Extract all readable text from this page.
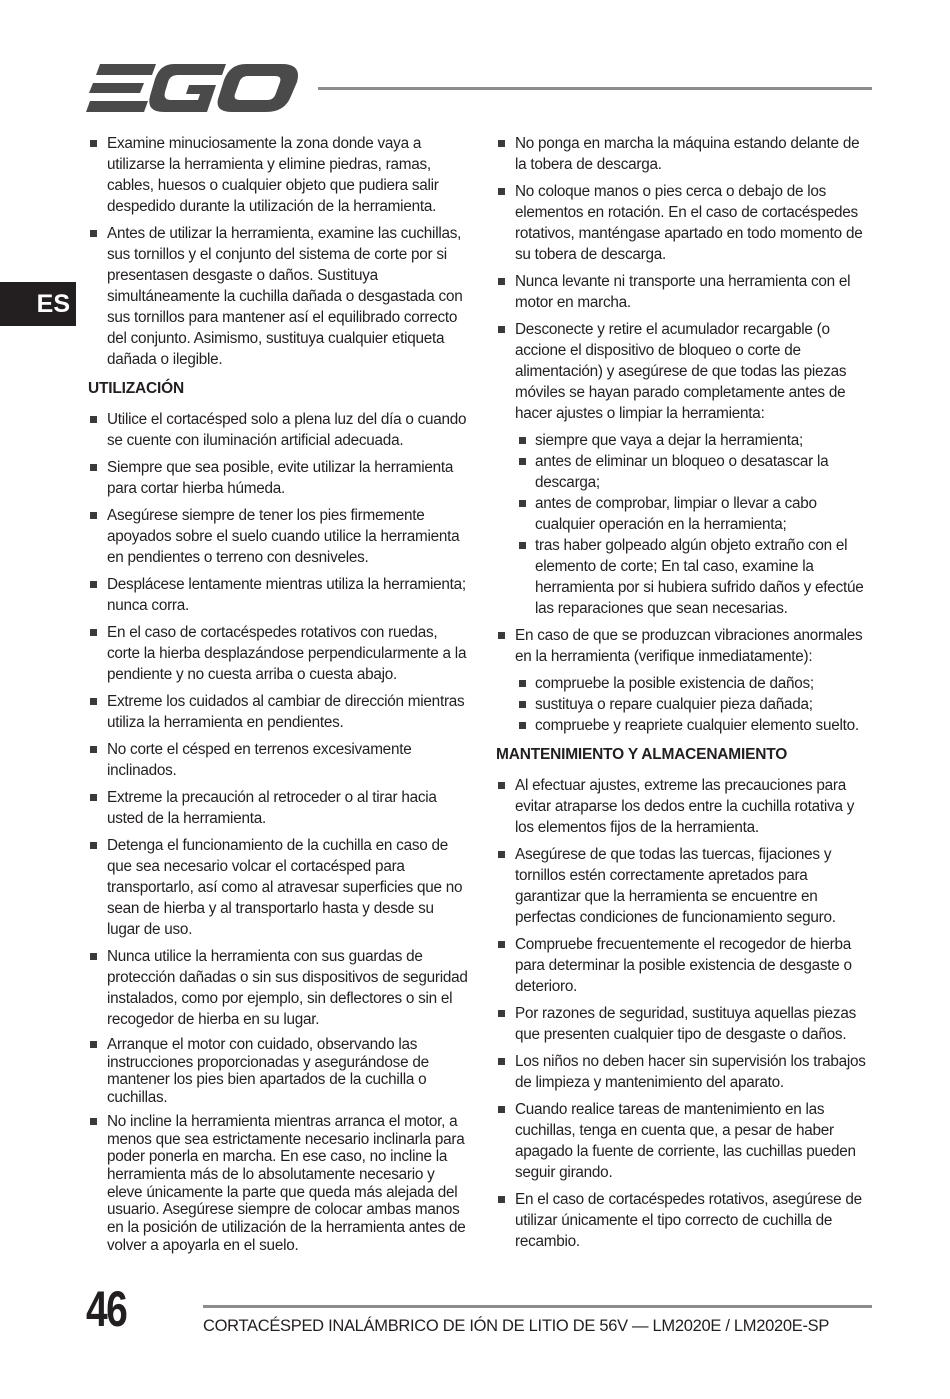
ES
Examine minuciosamente la zona donde vaya a utilizarse la herramienta y elimine piedras, ramas, cables, huesos o cualquier objeto que pudiera salir despedido durante la utilización de la herramienta.
Antes de utilizar la herramienta, examine las cuchillas, sus tornillos y el conjunto del sistema de corte por si presentasen desgaste o daños. Sustituya simultáneamente la cuchilla dañada o desgastada con sus tornillos para mantener así el equilibrado correcto del conjunto. Asimismo, sustituya cualquier etiqueta dañada o ilegible.
UTILIZACIÓN
Utilice el cortacésped solo a plena luz del día o cuando se cuente con iluminación artificial adecuada.
Siempre que sea posible, evite utilizar la herramienta para cortar hierba húmeda.
Asegúrese siempre de tener los pies firmemente apoyados sobre el suelo cuando utilice la herramienta en pendientes o terreno con desniveles.
Desplácese lentamente mientras utiliza la herramienta; nunca corra.
En el caso de cortacéspedes rotativos con ruedas, corte la hierba desplazándose perpendicularmente a la pendiente y no cuesta arriba o cuesta abajo.
Extreme los cuidados al cambiar de dirección mientras utiliza la herramienta en pendientes.
No corte el césped en terrenos excesivamente inclinados.
Extreme la precaución al retroceder o al tirar hacia usted de la herramienta.
Detenga el funcionamiento de la cuchilla en caso de que sea necesario volcar el cortacésped para transportarlo, así como al atravesar superficies que no sean de hierba y al transportarlo hasta y desde su lugar de uso.
Nunca utilice la herramienta con sus guardas de protección dañadas o sin sus dispositivos de seguridad instalados, como por ejemplo, sin deflectores o sin el recogedor de hierba en su lugar.
Arranque el motor con cuidado, observando las instrucciones proporcionadas y asegurándose de mantener los pies bien apartados de la cuchilla o cuchillas.
No incline la herramienta mientras arranca el motor, a menos que sea estrictamente necesario inclinarla para poder ponerla en marcha. En ese caso, no incline la herramienta más de lo absolutamente necesario y eleve únicamente la parte que queda más alejada del usuario. Asegúrese siempre de colocar ambas manos en la posición de utilización de la herramienta antes de volver a apoyarla en el suelo.
No ponga en marcha la máquina estando delante de la tobera de descarga.
No coloque manos o pies cerca o debajo de los elementos en rotación. En el caso de cortacéspedes rotativos, manténgase apartado en todo momento de su tobera de descarga.
Nunca levante ni transporte una herramienta con el motor en marcha.
Desconecte y retire el acumulador recargable (o accione el dispositivo de bloqueo o corte de alimentación) y asegúrese de que todas las piezas móviles se hayan parado completamente antes de hacer ajustes o limpiar la herramienta:
siempre que vaya a dejar la herramienta;
antes de eliminar un bloqueo o desatascar la descarga;
antes de comprobar, limpiar o llevar a cabo cualquier operación en la herramienta;
tras haber golpeado algún objeto extraño con el elemento de corte; En tal caso, examine la herramienta por si hubiera sufrido daños y efectúe las reparaciones que sean necesarias.
En caso de que se produzcan vibraciones anormales en la herramienta (verifique inmediatamente):
compruebe la posible existencia de daños;
sustituya o repare cualquier pieza dañada;
compruebe y reapriete cualquier elemento suelto.
MANTENIMIENTO Y ALMACENAMIENTO
Al efectuar ajustes, extreme las precauciones para evitar atraparse los dedos entre la cuchilla rotativa y los elementos fijos de la herramienta.
Asegúrese de que todas las tuercas, fijaciones y tornillos estén correctamente apretados para garantizar que la herramienta se encuentre en perfectas condiciones de funcionamiento seguro.
Compruebe frecuentemente el recogedor de hierba para determinar la posible existencia de desgaste o deterioro.
Por razones de seguridad, sustituya aquellas piezas que presenten cualquier tipo de desgaste o daños.
Los niños no deben hacer sin supervisión los trabajos de limpieza y mantenimiento del aparato.
Cuando realice tareas de mantenimiento en las cuchillas, tenga en cuenta que, a pesar de haber apagado la fuente de corriente, las cuchillas pueden seguir girando.
En el caso de cortacéspedes rotativos, asegúrese de utilizar únicamente el tipo correcto de cuchilla de recambio.
46	CORTACÉSPED INALÁMBRICO DE IÓN DE LITIO DE 56V — LM2020E / LM2020E-SP
